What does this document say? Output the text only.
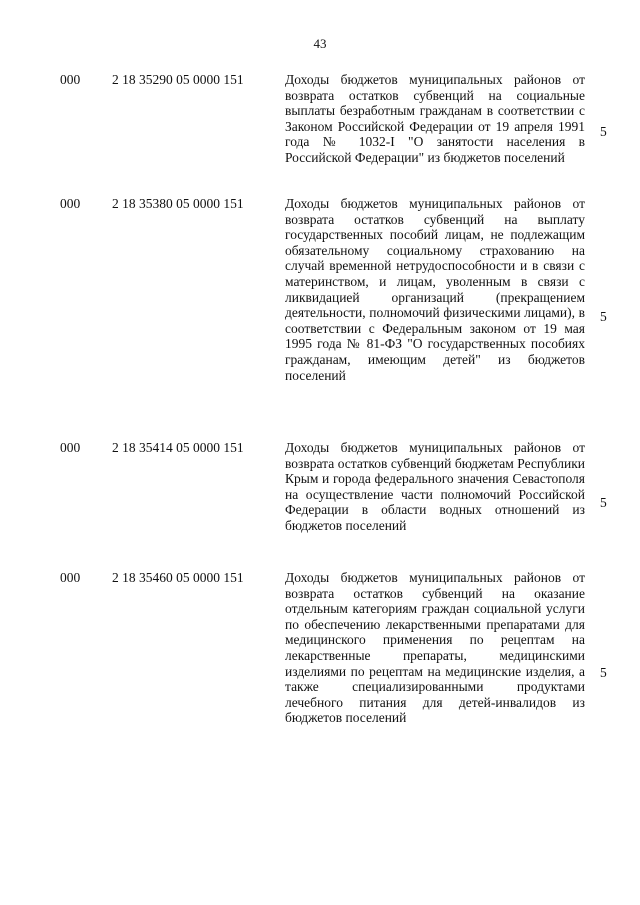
43
000 2 18 35290 05 0000 151	Доходы бюджетов муниципальных районов от возврата остатков субвенций на социальные выплаты безработным гражданам в соответствии с Законом Российской Федерации от 19 апреля 1991 года № 1032-I "О занятости населения в Российской Федерации" из бюджетов поселений
5
000 2 18 35380 05 0000 151	Доходы бюджетов муниципальных районов от возврата остатков субвенций на выплату государственных пособий лицам, не подлежащим обязательному социальному страхованию на случай временной нетрудоспособности и в связи с материнством, и лицам, уволенным в связи с ликвидацией организаций (прекращением деятельности, полномочий физическими лицами), в соответствии с Федеральным законом от 19 мая 1995 года № 81-ФЗ "О государственных пособиях гражданам, имеющим детей" из бюджетов поселений
5
000 2 18 35414 05 0000 151	Доходы бюджетов муниципальных районов от возврата остатков субвенций бюджетам Республики Крым и города федерального значения Севастополя на осуществление части полномочий Российской Федерации в области водных отношений из бюджетов поселений
5
000 2 18 35460 05 0000 151	Доходы бюджетов муниципальных районов от возврата остатков субвенций на оказание отдельным категориям граждан социальной услуги по обеспечению лекарственными препаратами для медицинского применения по рецептам на лекарственные препараты, медицинскими изделиями по рецептам на медицинские изделия, а также специализированными продуктами лечебного питания для детей-инвалидов из бюджетов поселений
5
